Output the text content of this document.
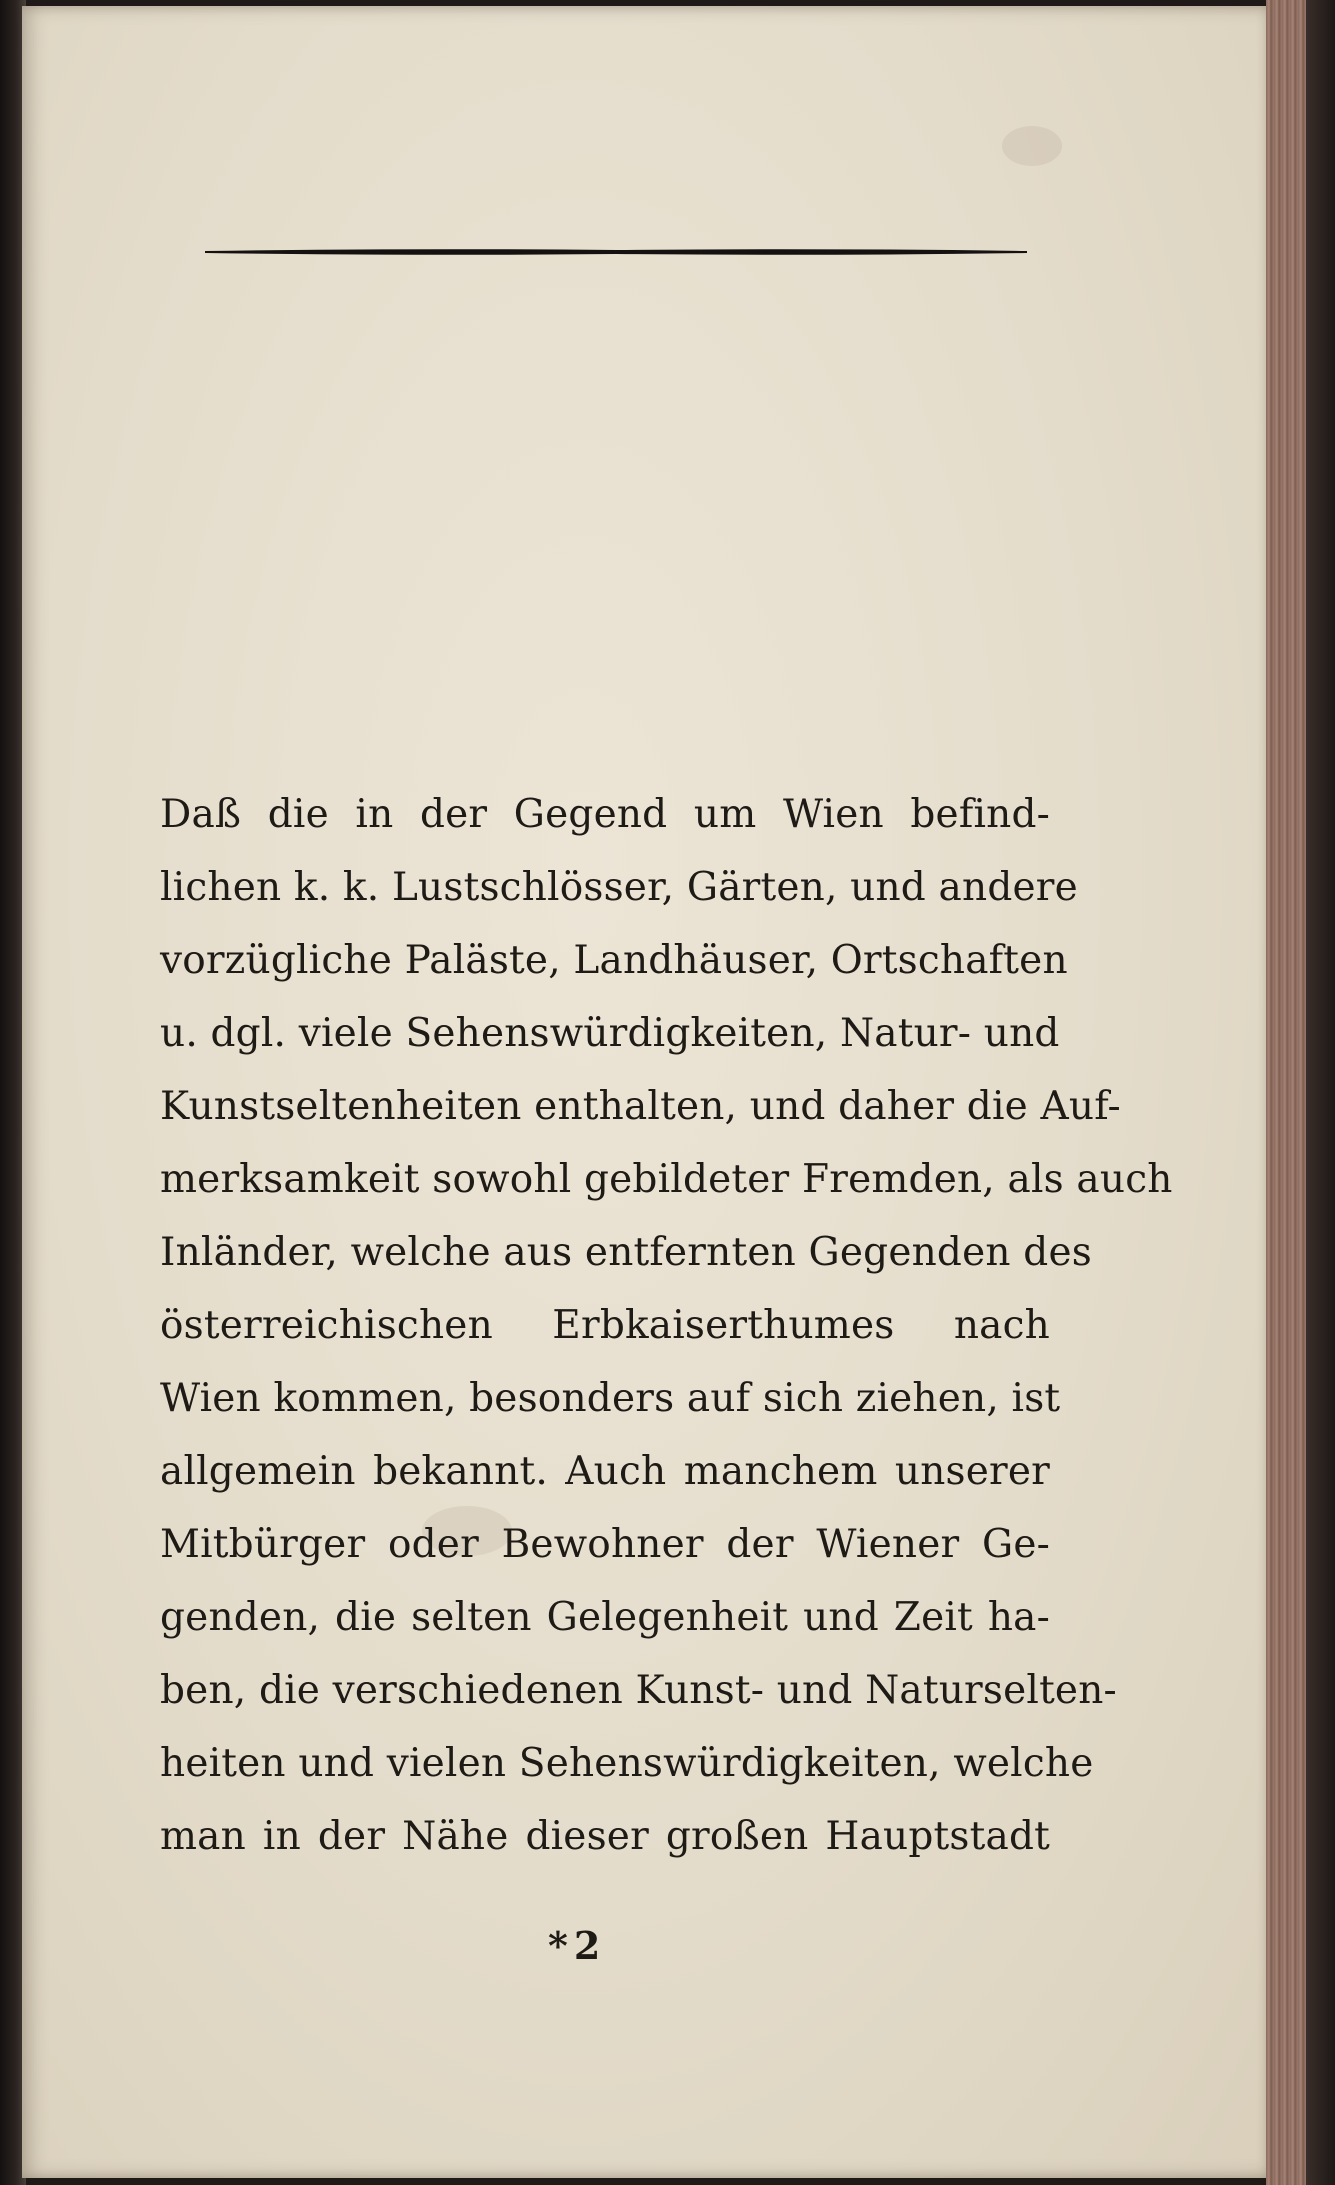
Daß die in der Gegend um Wien befind-
lichen k. k. Lustschlösser, Gärten, und andere
vorzügliche Paläste, Landhäuser, Ortschaften
u. dgl. viele Sehenswürdigkeiten, Natur- und
Kunstseltenheiten enthalten, und daher die Auf-
merksamkeit sowohl gebildeter Fremden, als auch
Inländer, welche aus entfernten Gegenden des
österreichischen Erbkaiserthumes nach
Wien kommen, besonders auf sich ziehen, ist
allgemein bekannt. Auch manchem unserer
Mitbürger oder Bewohner der Wiener Ge-
genden, die selten Gelegenheit und Zeit ha-
ben, die verschiedenen Kunst- und Naturselten-
heiten und vielen Sehenswürdigkeiten, welche
man in der Nähe dieser großen Hauptstadt
*2
